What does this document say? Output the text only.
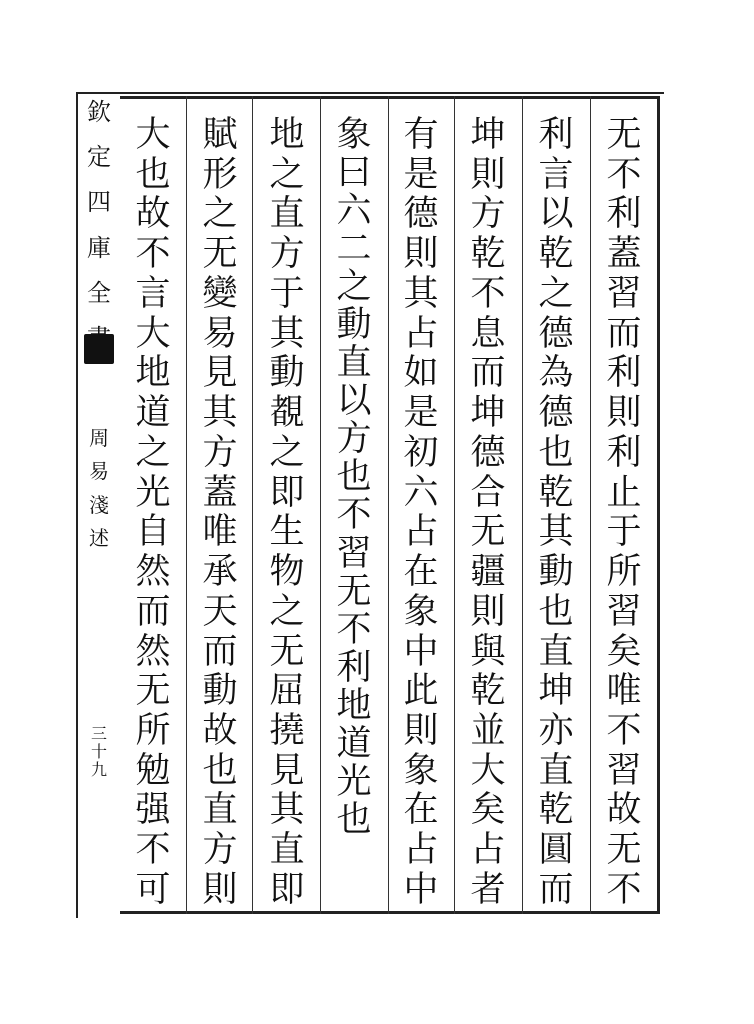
欽
定
四
庫
全
周
易
淺
述
三
十
九
无
不
利
蓋
習
而
利
則
利
止
于
所
習
矣
唯
不
習
故
无
不
利
言
以
乾
之
德
為
德
也
乾
其
動
也
直
坤
亦
直
乾
圓
而
坤
則
方
乾
不
息
而
坤
德
合
无
疆
則
與
乾
並
大
矣
占
者
有
是
德
則
其
占
如
是
初
六
占
在
象
中
此
則
象
在
占
中
象
曰
六
二
之
動
直
以
方
也
不
習
无
不
利
地
道
光
也
地
之
直
方
于
其
動
覩
之
即
生
物
之
无
屈
撓
見
其
直
即
賦
形
之
无
變
易
見
其
方
蓋
唯
承
天
而
動
故
也
直
方
則
大
也
故
不
言
大
地
道
之
光
自
然
而
然
无
所
勉
强
不
可
